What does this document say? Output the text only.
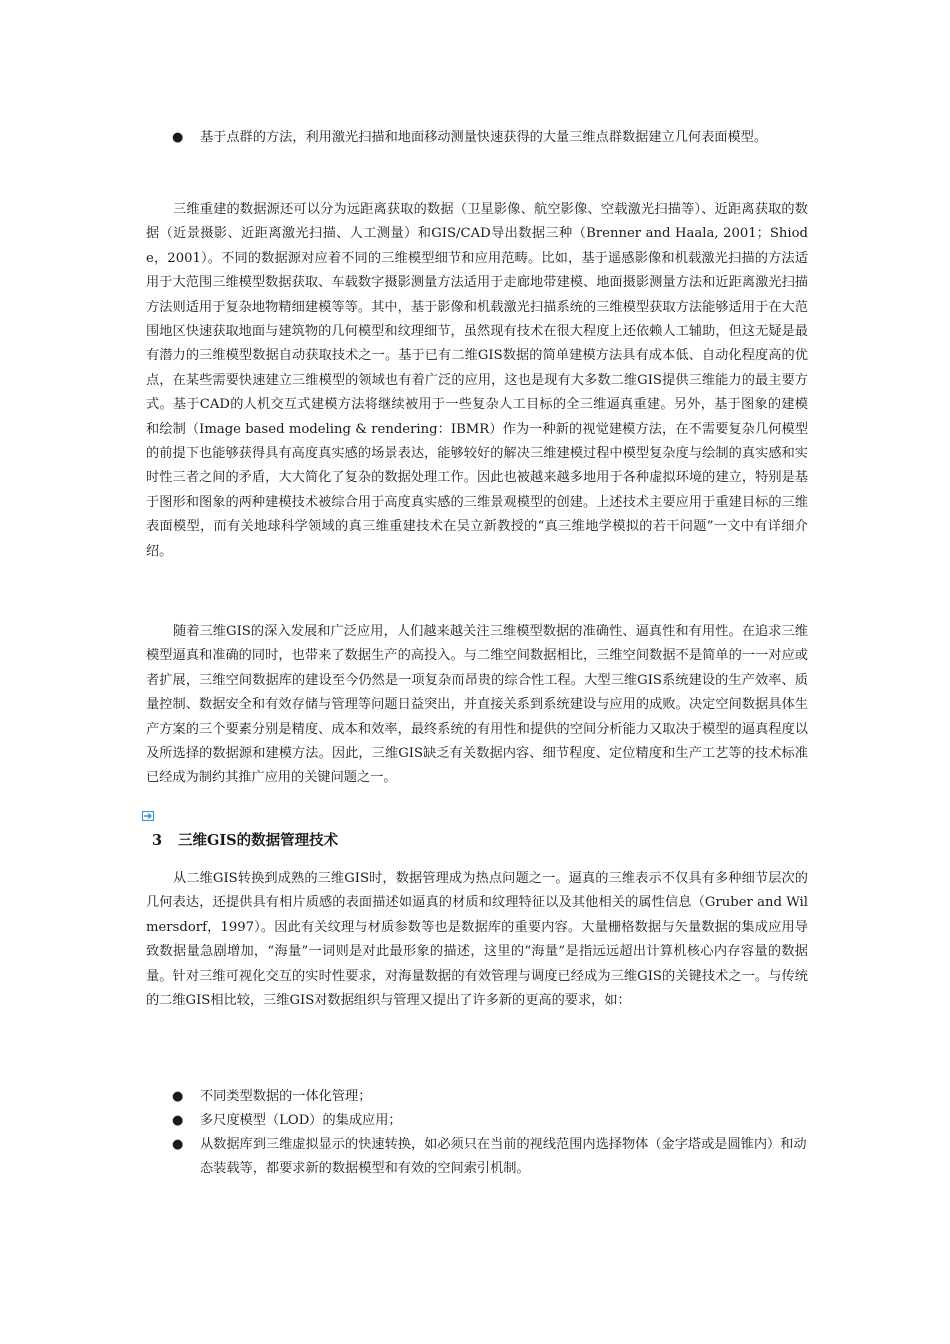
●	基于点群的方法，利用激光扫描和地面移动测量快速获得的大量三维点群数据建立几何表面模型。

三维重建的数据源还可以分为远距离获取的数据（卫星影像、航空影像、空载激光扫描等）、近距离获取的数据（近景摄影、近距离激光扫描、人工测量）和GIS/CAD导出数据三种（Brenner and Haala, 2001；Shiode，2001）。不同的数据源对应着不同的三维模型细节和应用范畴。比如，基于遥感影像和机载激光扫描的方法适用于大范围三维模型数据获取、车载数字摄影测量方法适用于走廊地带建模、地面摄影测量方法和近距离激光扫描方法则适用于复杂地物精细建模等等。其中，基于影像和机载激光扫描系统的三维模型获取方法能够适用于在大范围地区快速获取地面与建筑物的几何模型和纹理细节，虽然现有技术在很大程度上还依赖人工辅助，但这无疑是最有潜力的三维模型数据自动获取技术之一。基于已有二维GIS数据的简单建模方法具有成本低、自动化程度高的优点，在某些需要快速建立三维模型的领域也有着广泛的应用，这也是现有大多数二维GIS提供三维能力的最主要方式。基于CAD的人机交互式建模方法将继续被用于一些复杂人工目标的全三维逼真重建。另外，基于图象的建模和绘制（Image based modeling & rendering：IBMR）作为一种新的视觉建模方法，在不需要复杂几何模型的前提下也能够获得具有高度真实感的场景表达，能够较好的解决三维建模过程中模型复杂度与绘制的真实感和实时性三者之间的矛盾，大大简化了复杂的数据处理工作。因此也被越来越多地用于各种虚拟环境的建立，特别是基于图形和图象的两种建模技术被综合用于高度真实感的三维景观模型的创建。上述技术主要应用于重建目标的三维表面模型，而有关地球科学领域的真三维重建技术在吴立新教授的“真三维地学模拟的若干问题”一文中有详细介绍。

随着三维GIS的深入发展和广泛应用，人们越来越关注三维模型数据的准确性、逼真性和有用性。在追求三维模型逼真和准确的同时，也带来了数据生产的高投入。与二维空间数据相比，三维空间数据不是简单的一一对应或者扩展，三维空间数据库的建设至今仍然是一项复杂而昂贵的综合性工程。大型三维GIS系统建设的生产效率、质量控制、数据安全和有效存储与管理等问题日益突出，并直接关系到系统建设与应用的成败。决定空间数据具体生产方案的三个要素分别是精度、成本和效率，最终系统的有用性和提供的空间分析能力又取决于模型的逼真程度以及所选择的数据源和建模方法。因此，三维GIS缺乏有关数据内容、细节程度、定位精度和生产工艺等的技术标准已经成为制约其推广应用的关键问题之一。

3 三维GIS的数据管理技术

从二维GIS转换到成熟的三维GIS时，数据管理成为热点问题之一。逼真的三维表示不仅具有多种细节层次的几何表达，还提供具有相片质感的表面描述如逼真的材质和纹理特征以及其他相关的属性信息（Gruber and Wilmersdorf，1997）。因此有关纹理与材质参数等也是数据库的重要内容。大量栅格数据与矢量数据的集成应用导致数据量急剧增加，“海量”一词则是对此最形象的描述，这里的“海量”是指远远超出计算机核心内存容量的数据量。针对三维可视化交互的实时性要求，对海量数据的有效管理与调度已经成为三维GIS的关键技术之一。与传统的二维GIS相比较，三维GIS对数据组织与管理又提出了许多新的更高的要求，如：

●	不同类型数据的一体化管理；
●	多尺度模型（LOD）的集成应用；
●	从数据库到三维虚拟显示的快速转换，如必须只在当前的视线范围内选择物体（金字塔或是圆锥内）和动态装载等，都要求新的数据模型和有效的空间索引机制。
